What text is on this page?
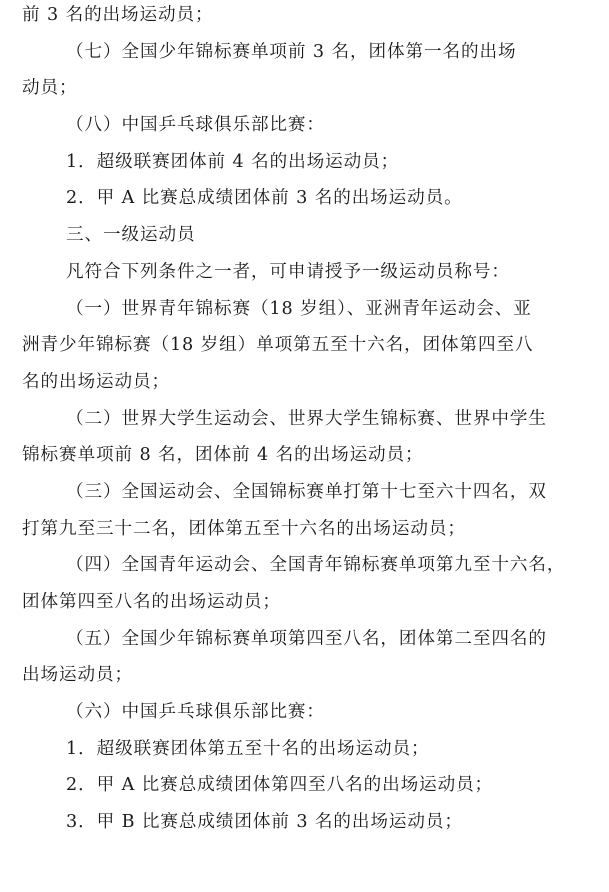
前 3 名的出场运动员；
（七）全国少年锦标赛单项前 3 名，团体第一名的出场
动员；
（八）中国乒乓球俱乐部比赛：
1．超级联赛团体前 4 名的出场运动员；
2．甲 A 比赛总成绩团体前 3 名的出场运动员。
三、一级运动员
凡符合下列条件之一者，可申请授予一级运动员称号：
（一）世界青年锦标赛（18 岁组）、亚洲青年运动会、亚
洲青少年锦标赛（18 岁组）单项第五至十六名，团体第四至八
名的出场运动员；
（二）世界大学生运动会、世界大学生锦标赛、世界中学生
锦标赛单项前 8 名，团体前 4 名的出场运动员；
（三）全国运动会、全国锦标赛单打第十七至六十四名，双
打第九至三十二名，团体第五至十六名的出场运动员；
（四）全国青年运动会、全国青年锦标赛单项第九至十六名，
团体第四至八名的出场运动员；
（五）全国少年锦标赛单项第四至八名，团体第二至四名的
出场运动员；
（六）中国乒乓球俱乐部比赛：
1．超级联赛团体第五至十名的出场运动员；
2．甲 A 比赛总成绩团体第四至八名的出场运动员；
3．甲 B 比赛总成绩团体前 3 名的出场运动员；
